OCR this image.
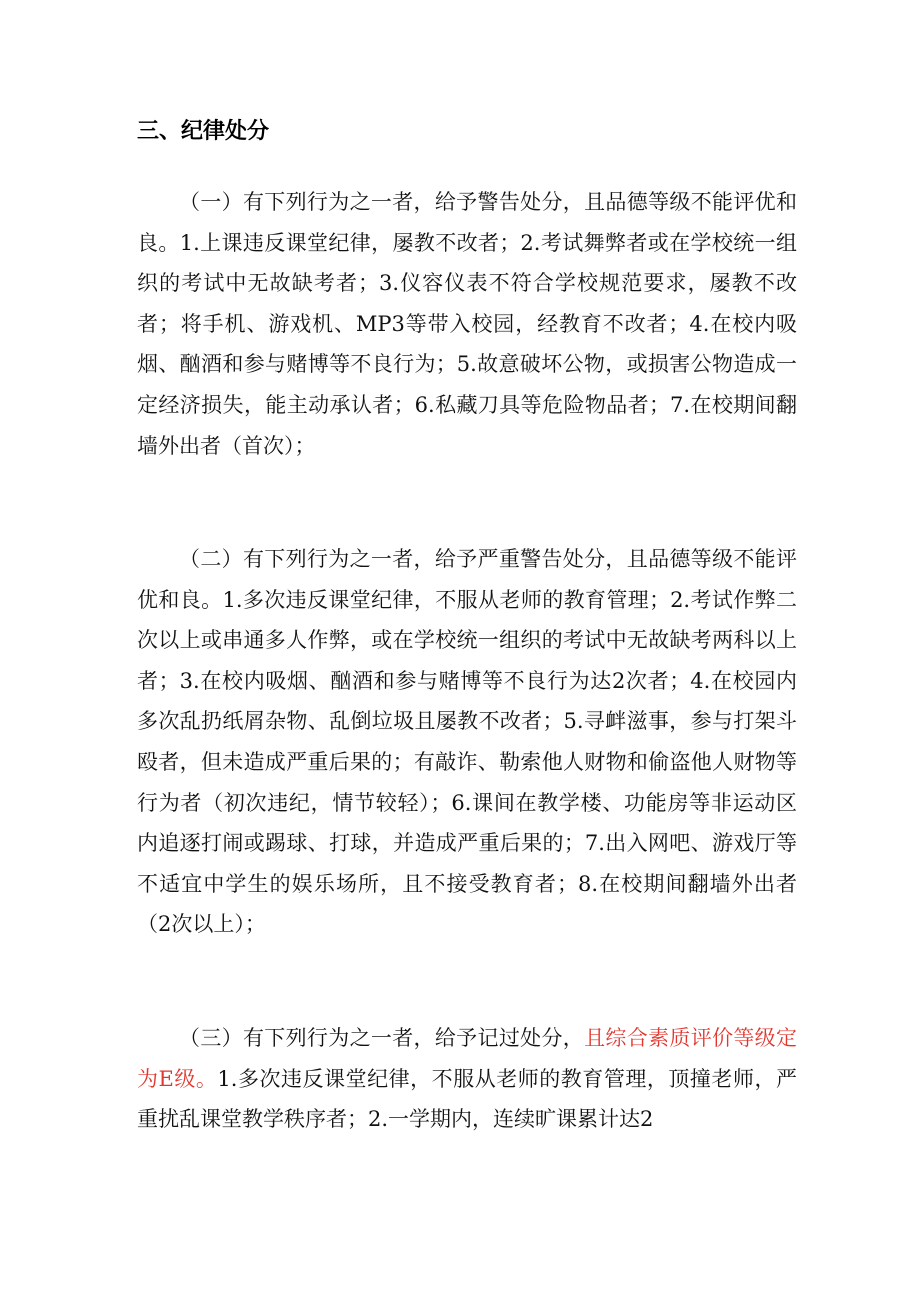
三、纪律处分

（一）有下列行为之一者，给予警告处分，且品德等级不能评优和良。1.上课违反课堂纪律，屡教不改者；2.考试舞弊者或在学校统一组织的考试中无故缺考者；3.仪容仪表不符合学校规范要求，屡教不改者；将手机、游戏机、MP3等带入校园，经教育不改者；4.在校内吸烟、酗酒和参与赌博等不良行为；5.故意破坏公物，或损害公物造成一定经济损失，能主动承认者；6.私藏刀具等危险物品者；7.在校期间翻墙外出者（首次）；

（二）有下列行为之一者，给予严重警告处分，且品德等级不能评优和良。1.多次违反课堂纪律，不服从老师的教育管理；2.考试作弊二次以上或串通多人作弊，或在学校统一组织的考试中无故缺考两科以上者；3.在校内吸烟、酗酒和参与赌博等不良行为达2次者；4.在校园内多次乱扔纸屑杂物、乱倒垃圾且屡教不改者；5.寻衅滋事，参与打架斗殴者，但未造成严重后果的；有敲诈、勒索他人财物和偷盗他人财物等行为者（初次违纪，情节较轻）；6.课间在教学楼、功能房等非运动区内追逐打闹或踢球、打球，并造成严重后果的；7.出入网吧、游戏厅等不适宜中学生的娱乐场所，且不接受教育者；8.在校期间翻墙外出者（2次以上）；

（三）有下列行为之一者，给予记过处分，且综合素质评价等级定为E级。1.多次违反课堂纪律，不服从老师的教育管理，顶撞老师，严重扰乱课堂教学秩序者；2.一学期内，连续旷课累计达2
